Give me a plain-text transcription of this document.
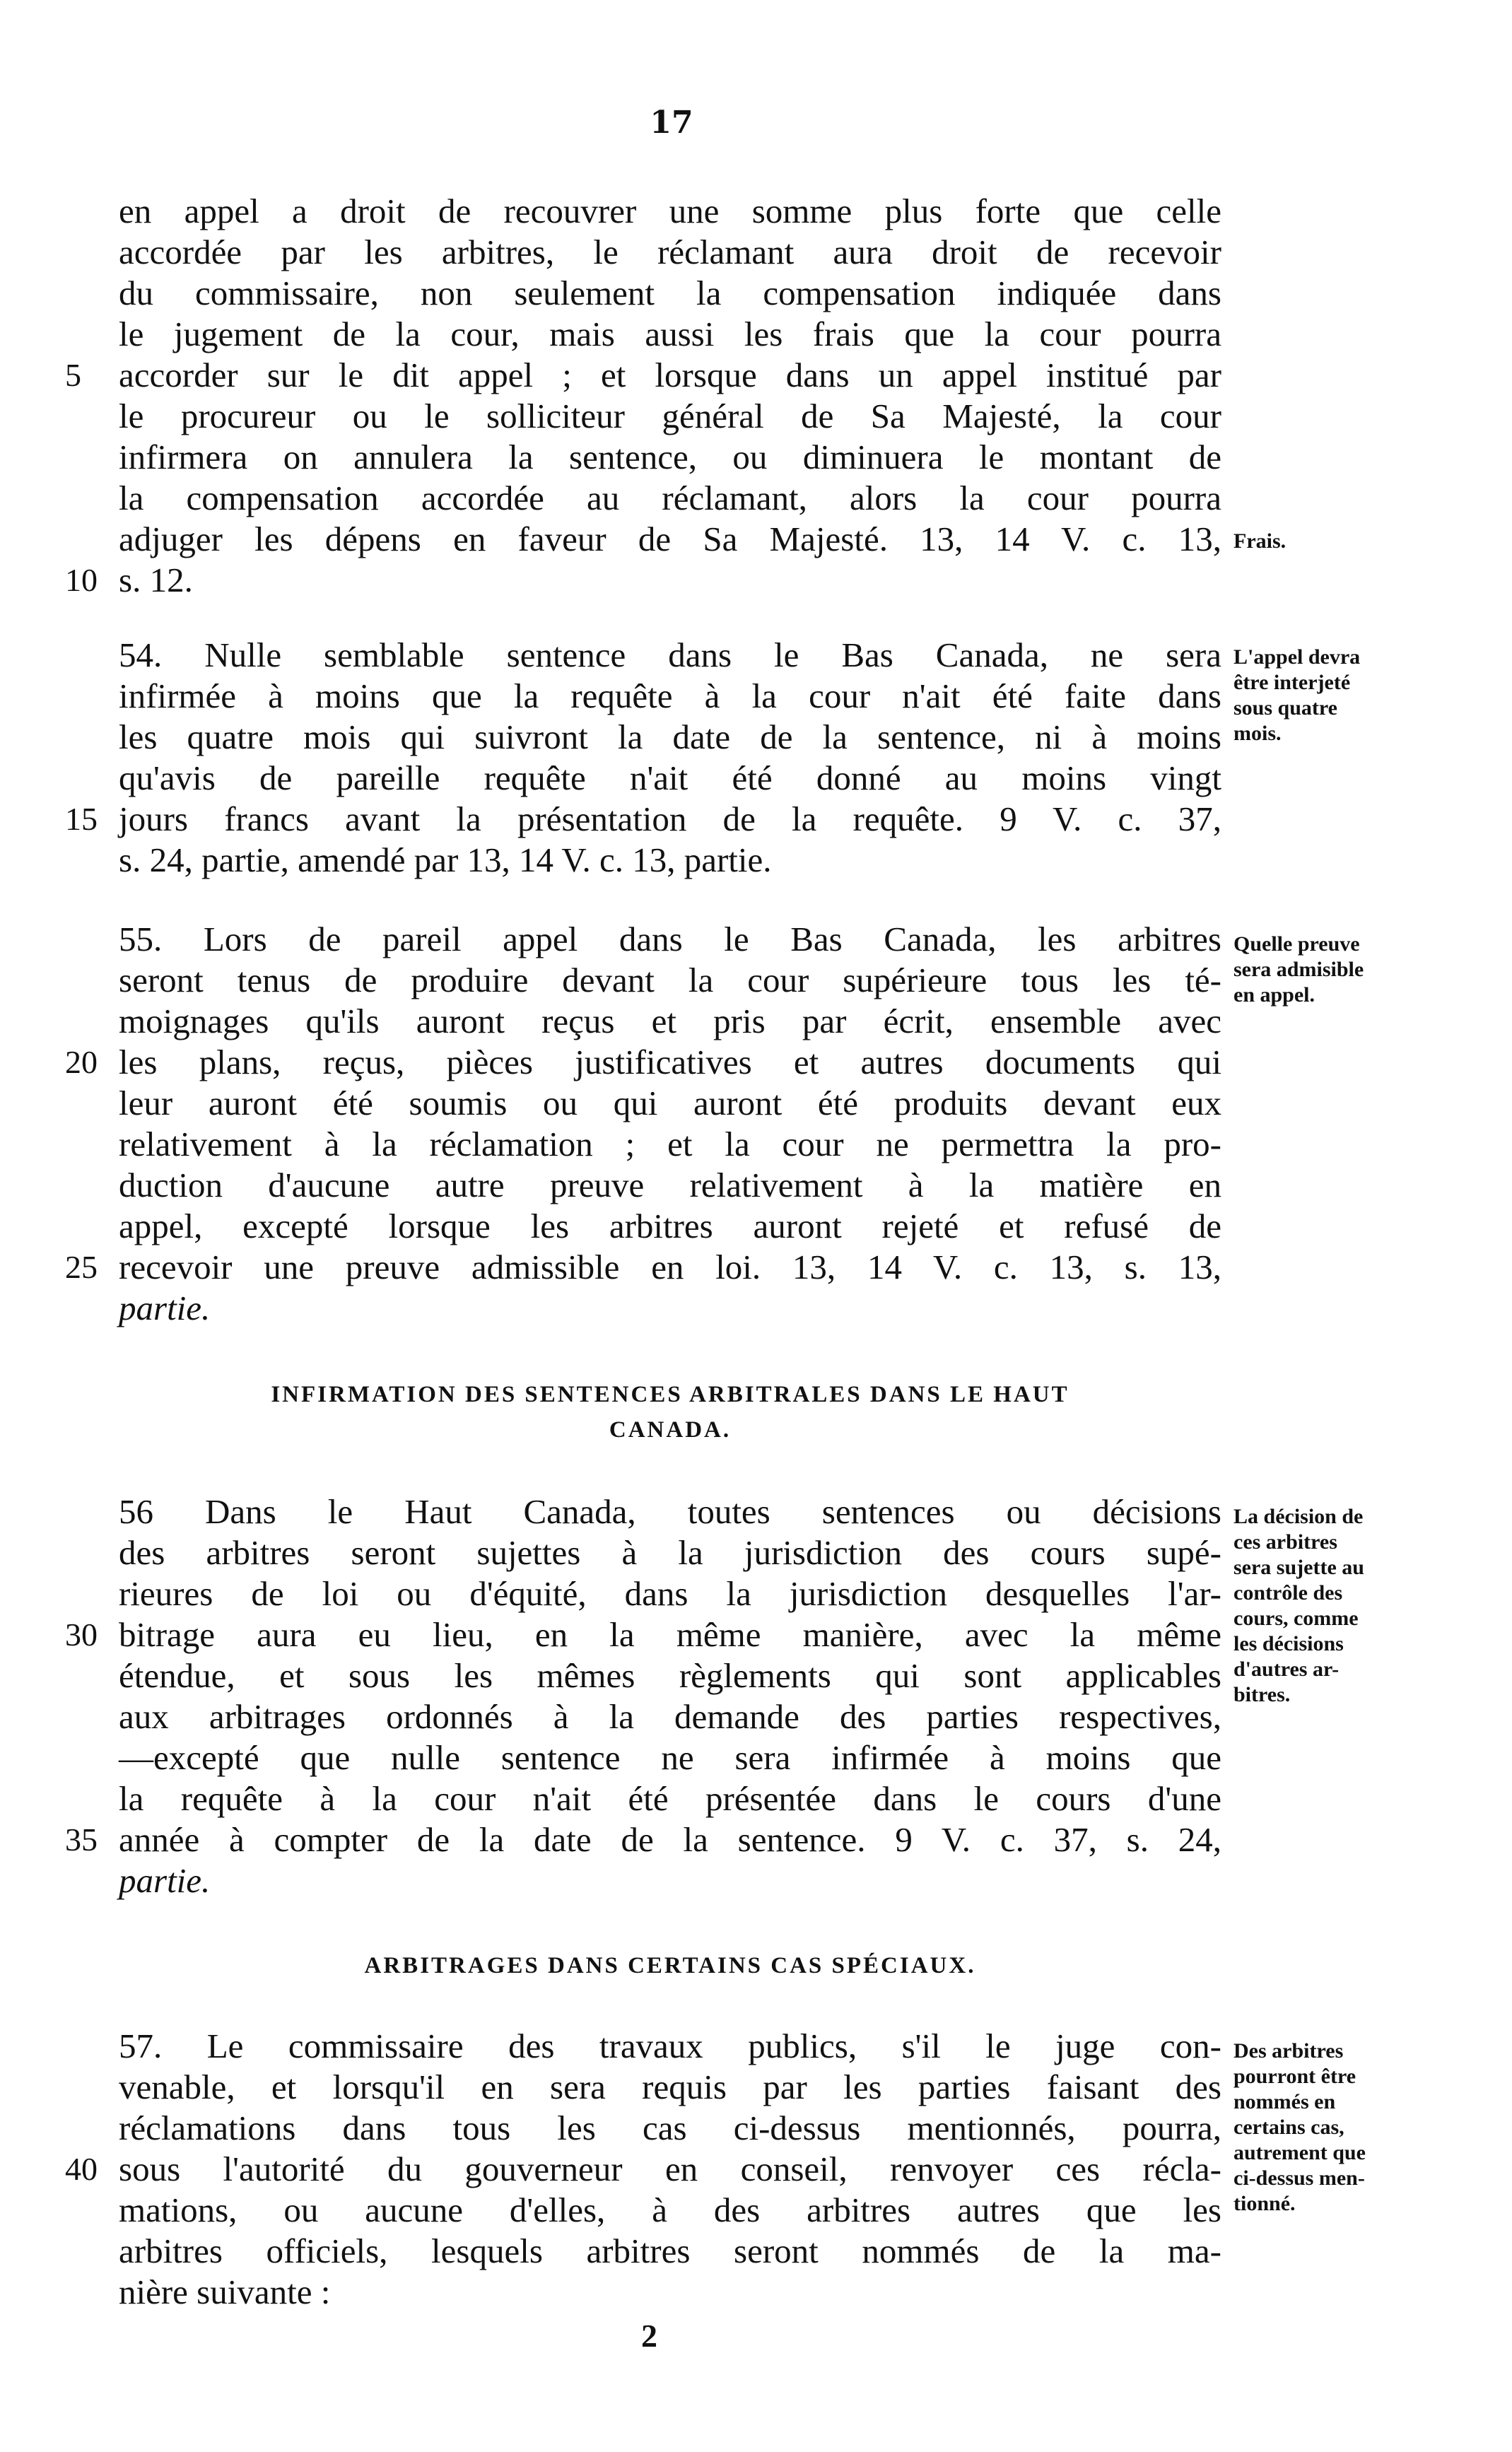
17
en appel a droit de recouvrer une somme plus forte que celle
accordée par les arbitres, le réclamant aura droit de recevoir
du commissaire, non seulement la compensation indiquée dans
le jugement de la cour, mais aussi les frais que la cour pourra
5	accorder sur le dit appel ; et lorsque dans un appel institué par
le procureur ou le solliciteur général de Sa Majesté, la cour
infirmera on annulera la sentence, ou diminuera le montant de
la compensation accordée au réclamant, alors la cour pourra
adjuger les dépens en faveur de Sa Majesté. 13, 14 V. c. 13, Frais.
10 s. 12.
54. Nulle semblable sentence dans le Bas Canada, ne sera L'appel devra
être interjeté
sous quatre
mois.
infirmée à moins que la requête à la cour n'ait été faite dans
les quatre mois qui suivront la date de la sentence, ni à moins
qu'avis de pareille requête n'ait été donné au moins vingt
15 jours francs avant la présentation de la requête. 9 V. c. 37,
s. 24, partie, amendé par 13, 14 V. c. 13, partie.
55. Lors de pareil appel dans le Bas Canada, les arbitres Quelle preuve
sera admisible
en appel.
seront tenus de produire devant la cour supérieure tous les té-
moignages qu'ils auront reçus et pris par écrit, ensemble avec
20 les plans, reçus, pièces justificatives et autres documents qui
leur auront été soumis ou qui auront été produits devant eux
relativement à la réclamation ; et la cour ne permettra la pro-
duction d'aucune autre preuve relativement à la matière en
appel, excepté lorsque les arbitres auront rejeté et refusé de
25 recevoir une preuve admissible en loi. 13, 14 V. c. 13, s. 13,
partie.
INFIRMATION DES SENTENCES ARBITRALES DANS LE HAUT
CANADA.
56 Dans le Haut Canada, toutes sentences ou décisions La décision de
ces arbitres
sera sujette au
contrôle des
cours, comme
les décisions
d'autres ar-
bitres.
des arbitres seront sujettes à la jurisdiction des cours supé-
rieures de loi ou d'équité, dans la jurisdiction desquelles l'ar-
30 bitrage aura eu lieu, en la même manière, avec la même
étendue, et sous les mêmes règlements qui sont applicables
aux arbitrages ordonnés à la demande des parties respectives,
—excepté que nulle sentence ne sera infirmée à moins que
la requête à la cour n'ait été présentée dans le cours d'une
35 année à compter de la date de la sentence. 9 V. c. 37, s. 24,
partie.
ARBITRAGES DANS CERTAINS CAS SPÉCIAUX.
57. Le commissaire des travaux publics, s'il le juge con- Des arbitres
pourront être
nommés en
certains cas,
autrement que
ci-dessus men-
tionné.
venable, et lorsqu'il en sera requis par les parties faisant des
réclamations dans tous les cas ci-dessus mentionnés, pourra,
40 sous l'autorité du gouverneur en conseil, renvoyer ces récla-
mations, ou aucune d'elles, à des arbitres autres que les
arbitres officiels, lesquels arbitres seront nommés de la ma-
nière suivante :
2
